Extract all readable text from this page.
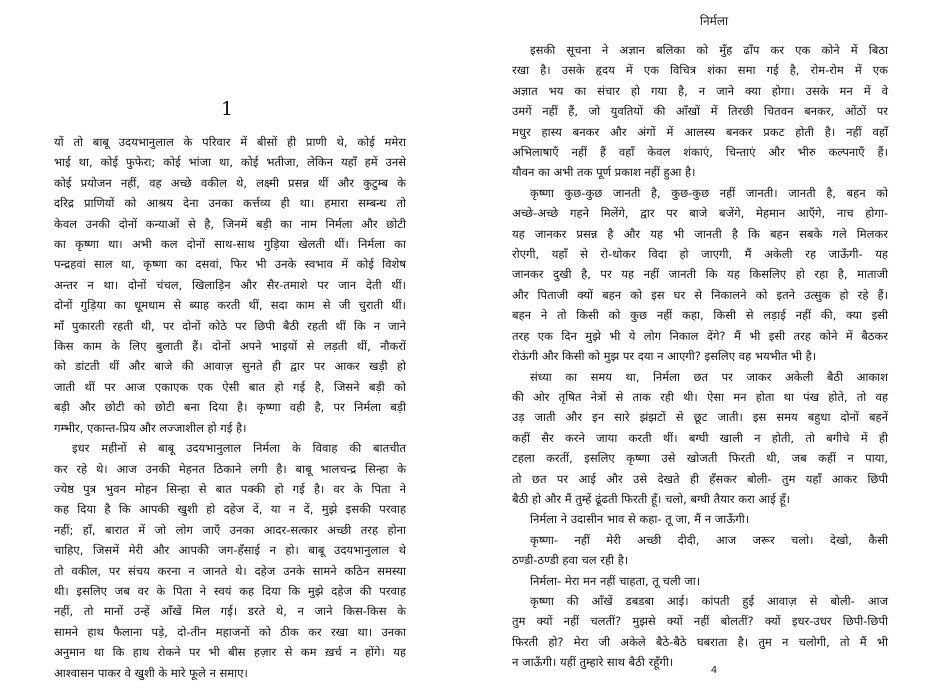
1

यों तो बाबू उदयभानुलाल के परिवार में बीसों ही प्राणी थे, कोई ममेरा
भाई था, कोई फुफेरा; कोई भांजा था, कोई भतीजा, लेकिन यहाँ हमें उनसे
कोई प्रयोजन नहीं, वह अच्छे वकील थे, लक्ष्मी प्रसन्न थीं और कुटुम्ब के
दरिद्र प्राणियों को आश्रय देना उनका कर्त्तव्य ही था। हमारा सम्बन्ध तो
केवल उनकी दोनों कन्याओं से है, जिनमें बड़ी का नाम निर्मला और छोटी
का कृष्णा था। अभी कल दोनों साथ-साथ गुड़िया खेलती थीं। निर्मला का
पन्द्रहवां साल था, कृष्णा का दसवां, फिर भी उनके स्वभाव में कोई विशेष
अन्तर न था। दोनों चंचल, खिलाड़िन और सैर-तमाशे पर जान देती थीं।
दोनों गुड़िया का धूमधाम से ब्याह करती थीं, सदा काम से जी चुराती थीं।
माँ पुकारती रहती थी, पर दोनों कोठे पर छिपी बैठी रहती थीं कि न जाने
किस काम के लिए बुलाती हैं। दोनों अपने भाइयों से लड़ती थीं, नौकरों
को डांटती थीं और बाजे की आवाज़ सुनते ही द्वार पर आकर खड़ी हो
जाती थीं पर आज एकाएक एक ऐसी बात हो गई है, जिसने बड़ी को
बड़ी और छोटी को छोटी बना दिया है। कृष्णा वही है, पर निर्मला बड़ी
गम्भीर, एकान्त-प्रिय और लज्जाशील हो गई है।

इधर महीनों से बाबू उदयभानुलाल निर्मला के विवाह की बातचीत
कर रहे थे। आज उनकी मेहनत ठिकाने लगी है। बाबू भालचन्द्र सिन्हा के
ज्येष्ठ पुत्र भुवन मोहन सिन्हा से बात पक्की हो गई है। वर के पिता ने
कह दिया है कि आपकी खुशी हो दहेज दें, या न दें, मुझे इसकी परवाह
नहीं; हाँ, बारात में जो लोग जाएँ उनका आदर-सत्कार अच्छी तरह होना
चाहिए, जिसमें मेरी और आपकी जग-हँसाई न हो। बाबू उदयभानुलाल थे
तो वकील, पर संचय करना न जानते थे। दहेज उनके सामने कठिन समस्या
थी। इसलिए जब वर के पिता ने स्वयं कह दिया कि मुझे दहेज की परवाह
नहीं, तो मानों उन्हें आँखें मिल गई। डरते थे, न जाने किस-किस के
सामने हाथ फैलाना पड़े, दो-तीन महाजनों को ठीक कर रखा था। उनका
अनुमान था कि हाथ रोकने पर भी बीस हज़ार से कम ख़र्च न होंगे। यह
आश्वासन पाकर वे खुशी के मारे फूले न समाए।

निर्मला

इसकी सूचना ने अज्ञान बलिका को मुँह ढाँप कर एक कोने में बिठा
रखा है। उसके हृदय में एक विचित्र शंका समा गई है, रोम-रोम में एक
अज्ञात भय का संचार हो गया है, न जाने क्या होगा। उसके मन में वे
उमगें नहीं हैं, जो युवतियों की आँखों में तिरछी चितवन बनकर, ओंठों पर
मधुर हास्य बनकर और अंगों में आलस्य बनकर प्रकट होती है। नहीं वहाँ
अभिलाषाएँ नहीं हैं वहाँ केवल शंकाएं, चिन्ताएं और भीरु कल्पनाएँ हैं।
यौवन का अभी तक पूर्ण प्रकाश नहीं हुआ है।

कृष्णा कुछ-कुछ जानती है, कुछ-कुछ नहीं जानती। जानती है, बहन को
अच्छे-अच्छे गहने मिलेंगे, द्वार पर बाजे बजेंगे, मेहमान आएँगे, नाच होगा-
यह जानकर प्रसन्न है और यह भी जानती है कि बहन सबके गले मिलकर
रोएगी, यहाँ से रो-धोकर विदा हो जाएगी, मैं अकेली रह जाऊँगी- यह
जानकर दुखी है, पर यह नहीं जानती कि यह किसलिए हो रहा है, माताजी
और पिताजी क्यों बहन को इस घर से निकालने को इतने उत्सुक हो रहे हैं।
बहन ने तो किसी को कुछ नहीं कहा, किसी से लड़ाई नहीं की, क्या इसी
तरह एक दिन मुझे भी ये लोग निकाल देंगे? मैं भी इसी तरह कोने में बैठकर
रोऊंगी और किसी को मुझ पर दया न आएगी? इसलिए वह भयभीत भी है।

संध्या का समय था, निर्मला छत पर जाकर अकेली बैठी आकाश
की ओर तृषित नेत्रों से ताक रही थी। ऐसा मन होता था पंख होते, तो वह
उड़ जाती और इन सारे झंझटों से छूट जाती। इस समय बहुधा दोनों बहनें
कहीं सैर करने जाया करती थीं। बग्घी खाली न होती, तो बगीचे में ही
टहला करतीं, इसलिए कृष्णा उसे खोजती फिरती थी, जब कहीं न पाया,
तो छत पर आई और उसे देखते ही हँसकर बोली- तुम यहाँ आकर छिपी
बैठी हो और मैं तुम्हें ढूंढती फिरती हूँ। चलो, बग्घी तैयार करा आई हूँ।

निर्मला ने उदासीन भाव से कहा- तू जा, मैं न जाऊँगी।

कृष्णा- नहीं मेरी अच्छी दीदी, आज जरूर चलो। देखो, कैसी
ठण्डी-ठण्डी हवा चल रही है।

निर्मला- मेरा मन नहीं चाहता, तू चली जा।

कृष्णा की आँखें डबडबा आई। कांपती हुई आवाज़ से बोली- आज
तुम क्यों नहीं चलतीं? मुझसे क्यों नहीं बोलतीं? क्यों इधर-उधर छिपी-छिपी
फिरती हो? मेरा जी अकेले बैठे-बैठे घबराता है। तुम न चलोगी, तो मैं भी
न जाऊँगी। यहीं तुम्हारे साथ बैठी रहूँगी।

4
